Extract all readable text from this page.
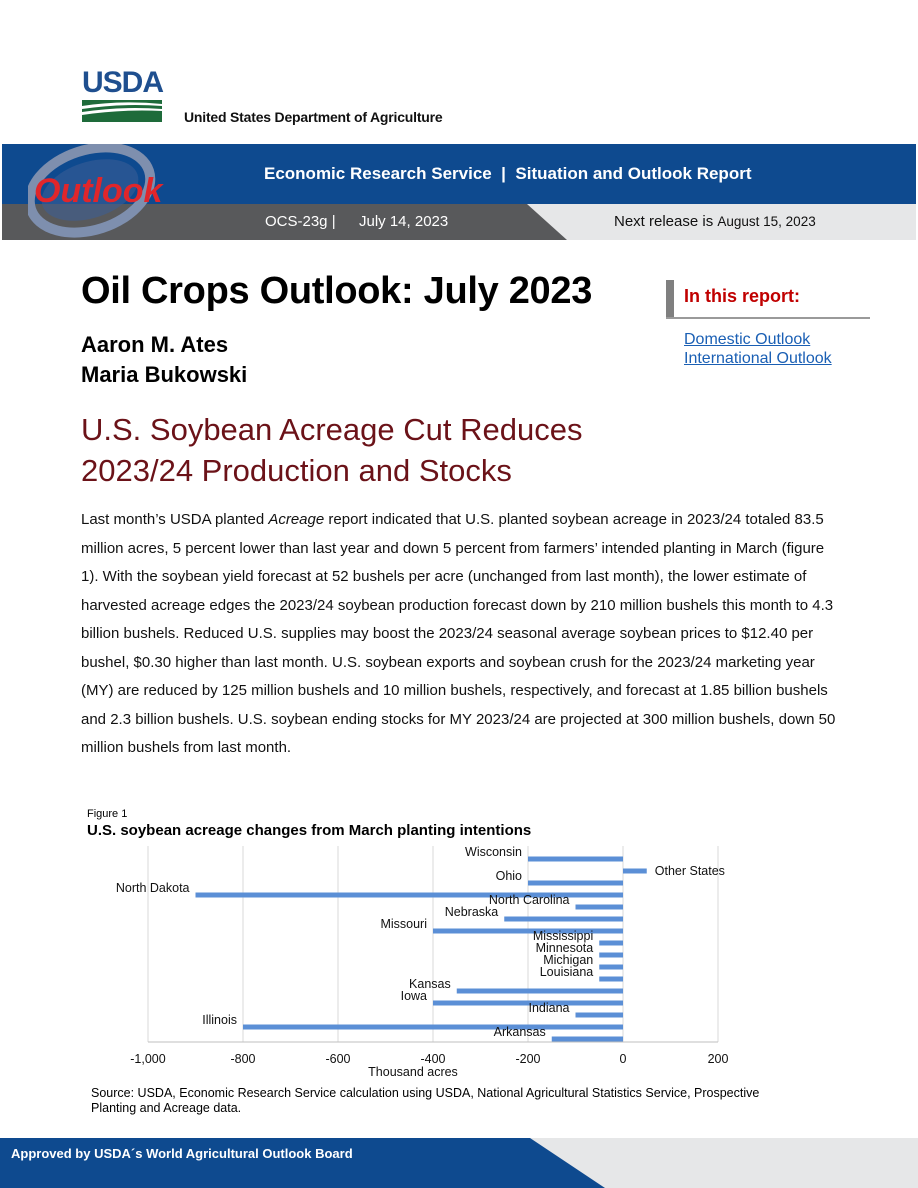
USDA
United States Department of Agriculture
Outlook	Economic Research Service  |  Situation and Outlook Report
OCS-23g | July 14, 2023	Next release is August 15, 2023
Oil Crops Outlook: July 2023
Aaron M. Ates
Maria Bukowski
In this report:
Domestic Outlook
International Outlook
U.S. Soybean Acreage Cut Reduces
2023/24 Production and Stocks

Last month’s USDA planted Acreage report indicated that U.S. planted soybean acreage in 2023/24 totaled 83.5 million acres, 5 percent lower than last year and down 5 percent from farmers’ intended planting in March (figure 1). With the soybean yield forecast at 52 bushels per acre (unchanged from last month), the lower estimate of harvested acreage edges the 2023/24 soybean production forecast down by 210 million bushels this month to 4.3 billion bushels. Reduced U.S. supplies may boost the 2023/24 seasonal average soybean prices to $12.40 per bushel, $0.30 higher than last month. U.S. soybean exports and soybean crush for the 2023/24 marketing year (MY) are reduced by 125 million bushels and 10 million bushels, respectively, and forecast at 1.85 billion bushels and 2.3 billion bushels. U.S. soybean ending stocks for MY 2023/24 are projected at 300 million bushels, down 50 million bushels from last month.

Figure 1
U.S. soybean acreage changes from March planting intentions
-1,000	-800	-600	-400	-200	0	200
Thousand acres
Wisconsin
Other States
Ohio
North Dakota
North Carolina
Nebraska
Missouri
Mississippi
Minnesota
Michigan
Louisiana
Kansas
Iowa
Indiana
Illinois
Arkansas
Source: USDA, Economic Research Service calculation using USDA, National Agricultural Statistics Service, Prospective Planting and Acreage data.
Approved by USDA´s World Agricultural Outlook Board
